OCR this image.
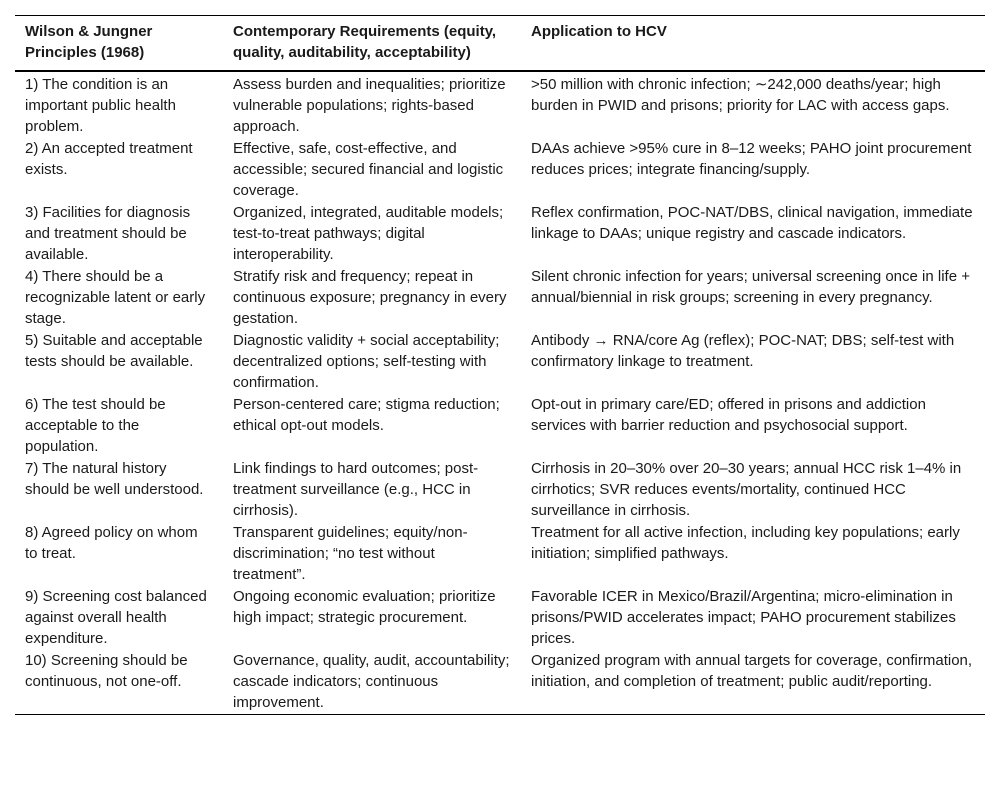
Wilson & Jungner Principles (1968)	Contemporary Requirements (equity, quality, auditability, acceptability)	Application to HCV
1) The condition is an important public health problem.	Assess burden and inequalities; prioritize vulnerable populations; rights-based approach.	>50 million with chronic infection; ∼242,000 deaths/year; high burden in PWID and prisons; priority for LAC with access gaps.
2) An accepted treatment exists.	Effective, safe, cost-effective, and accessible; secured financial and logistic coverage.	DAAs achieve >95% cure in 8–12 weeks; PAHO joint procurement reduces prices; integrate financing/supply.
3) Facilities for diagnosis and treatment should be available.	Organized, integrated, auditable models; test-to-treat pathways; digital interoperability.	Reflex confirmation, POC-NAT/DBS, clinical navigation, immediate linkage to DAAs; unique registry and cascade indicators.
4) There should be a recognizable latent or early stage.	Stratify risk and frequency; repeat in continuous exposure; pregnancy in every gestation.	Silent chronic infection for years; universal screening once in life + annual/biennial in risk groups; screening in every pregnancy.
5) Suitable and acceptable tests should be available.	Diagnostic validity + social acceptability; decentralized options; self-testing with confirmation.	Antibody → RNA/core Ag (reflex); POC-NAT; DBS; self-test with confirmatory linkage to treatment.
6) The test should be acceptable to the population.	Person-centered care; stigma reduction; ethical opt-out models.	Opt-out in primary care/ED; offered in prisons and addiction services with barrier reduction and psychosocial support.
7) The natural history should be well understood.	Link findings to hard outcomes; post-treatment surveillance (e.g., HCC in cirrhosis).	Cirrhosis in 20–30% over 20–30 years; annual HCC risk 1–4% in cirrhotics; SVR reduces events/mortality, continued HCC surveillance in cirrhosis.
8) Agreed policy on whom to treat.	Transparent guidelines; equity/non-discrimination; “no test without treatment”.	Treatment for all active infection, including key populations; early initiation; simplified pathways.
9) Screening cost balanced against overall health expenditure.	Ongoing economic evaluation; prioritize high impact; strategic procurement.	Favorable ICER in Mexico/Brazil/Argentina; micro-elimination in prisons/PWID accelerates impact; PAHO procurement stabilizes prices.
10) Screening should be continuous, not one-off.	Governance, quality, audit, accountability; cascade indicators; continuous improvement.	Organized program with annual targets for coverage, confirmation, initiation, and completion of treatment; public audit/reporting.
